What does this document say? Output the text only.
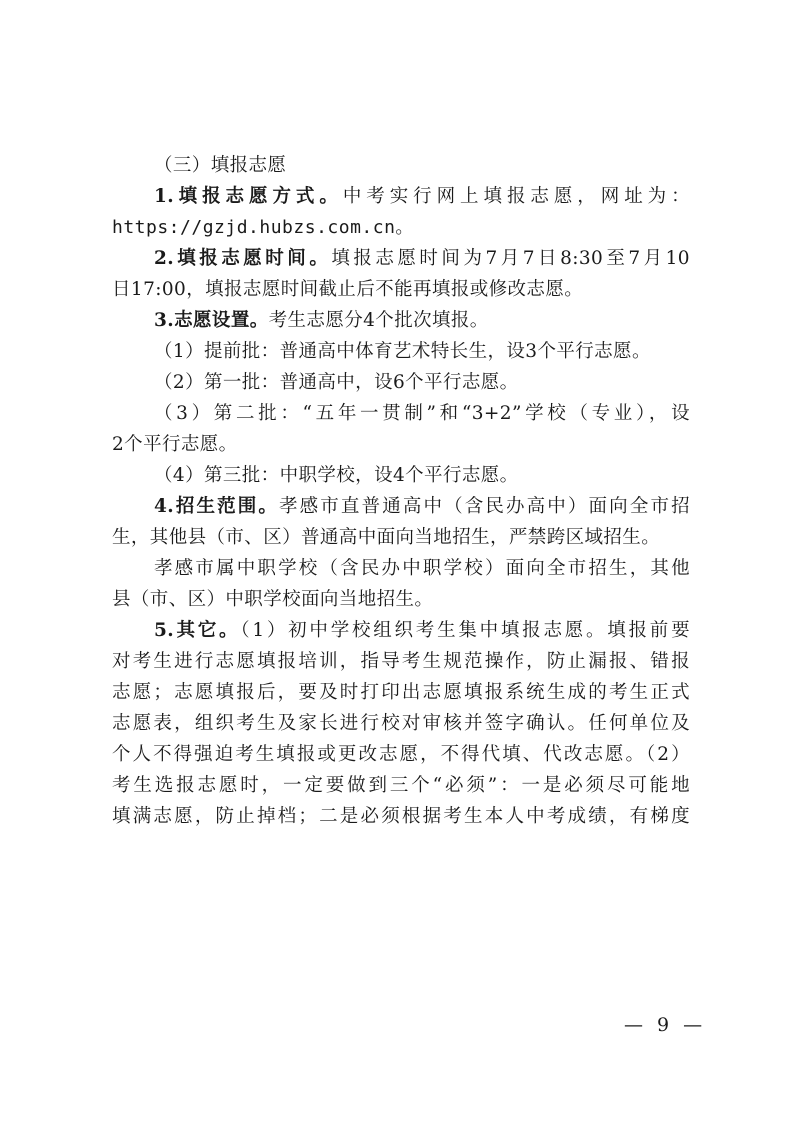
（三）填报志愿
1.填报志愿方式。中考实行网上填报志愿，网址为：
https://gzjd.hubzs.com.cn。
2.填报志愿时间。填报志愿时间为7月7日8:30至7月10
日17:00，填报志愿时间截止后不能再填报或修改志愿。
3.志愿设置。考生志愿分4个批次填报。
（1）提前批：普通高中体育艺术特长生，设3个平行志愿。
（2）第一批：普通高中，设6个平行志愿。
（3）第二批：“五年一贯制”和“3+2”学校（专业），设
2个平行志愿。
（4）第三批：中职学校，设4个平行志愿。
4.招生范围。孝感市直普通高中（含民办高中）面向全市招
生，其他县（市、区）普通高中面向当地招生，严禁跨区域招生。
孝感市属中职学校（含民办中职学校）面向全市招生，其他
县（市、区）中职学校面向当地招生。
5.其它。（1）初中学校组织考生集中填报志愿。填报前要
对考生进行志愿填报培训，指导考生规范操作，防止漏报、错报
志愿；志愿填报后，要及时打印出志愿填报系统生成的考生正式
志愿表，组织考生及家长进行校对审核并签字确认。任何单位及
个人不得强迫考生填报或更改志愿，不得代填、代改志愿。（2）
考生选报志愿时，一定要做到三个“必须”：一是必须尽可能地
填满志愿，防止掉档；二是必须根据考生本人中考成绩，有梯度
— 9 —
